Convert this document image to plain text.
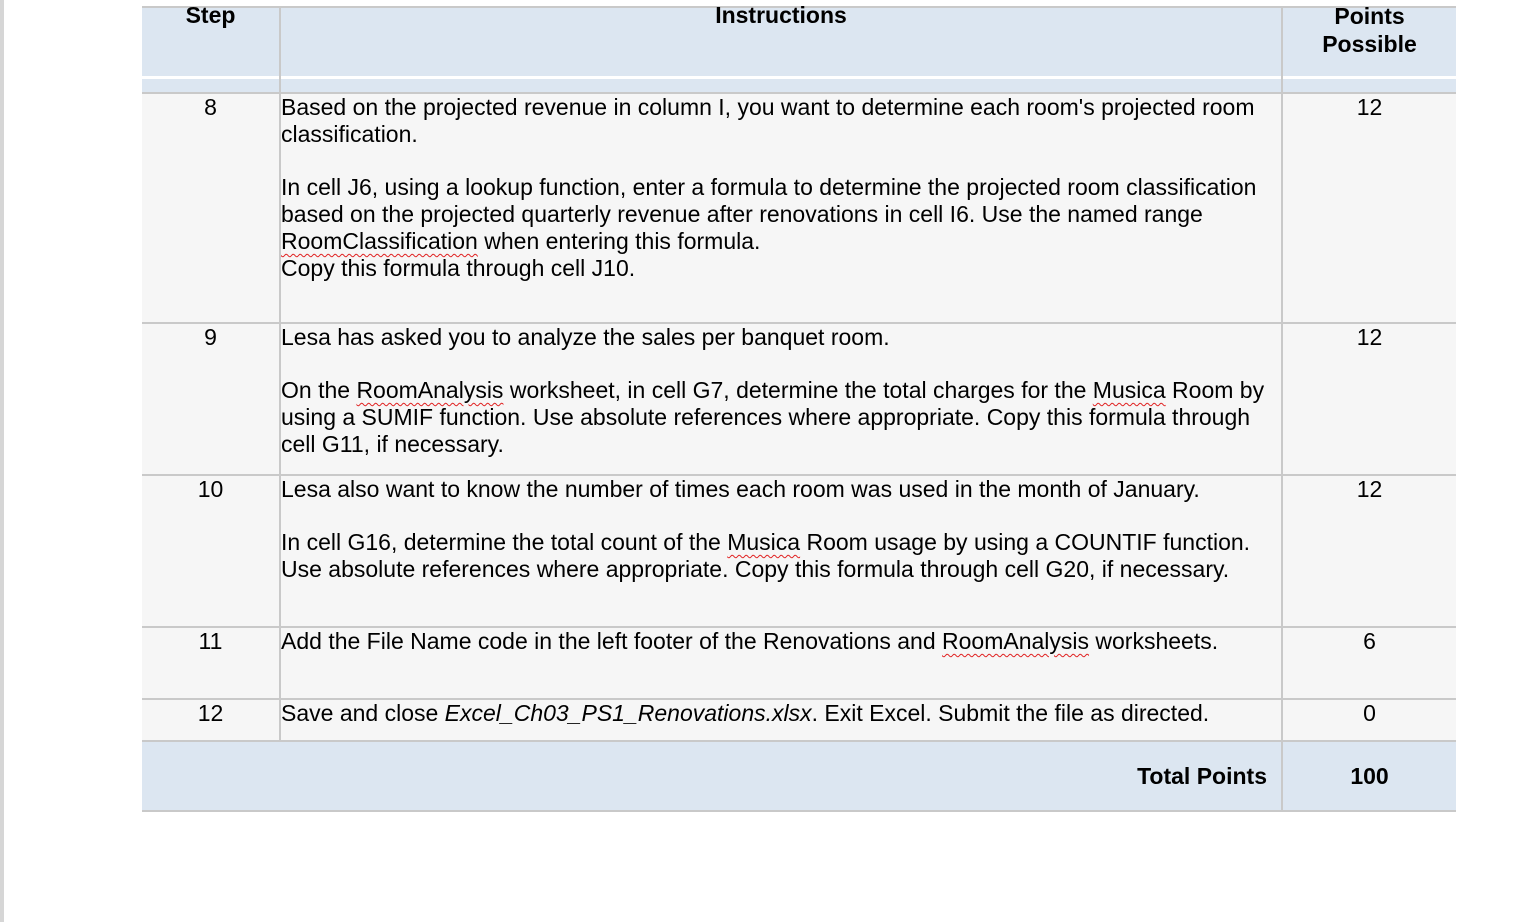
Step	Instructions	Points
Possible

8	Based on the projected revenue in column I, you want to determine each room's projected room classification.

In cell J6, using a lookup function, enter a formula to determine the projected room classification based on the projected quarterly revenue after renovations in cell I6. Use the named range RoomClassification when entering this formula.
Copy this formula through cell J10.	12
9	Lesa has asked you to analyze the sales per banquet room.

On the RoomAnalysis worksheet, in cell G7, determine the total charges for the Musica Room by using a SUMIF function. Use absolute references where appropriate. Copy this formula through cell G11, if necessary.	12
10	Lesa also want to know the number of times each room was used in the month of January.

In cell G16, determine the total count of the Musica Room usage by using a COUNTIF function. Use absolute references where appropriate. Copy this formula through cell G20, if necessary.	12
11	Add the File Name code in the left footer of the Renovations and RoomAnalysis worksheets.	6
12	Save and close Excel_Ch03_PS1_Renovations.xlsx. Exit Excel. Submit the file as directed.	0
Total Points		100
